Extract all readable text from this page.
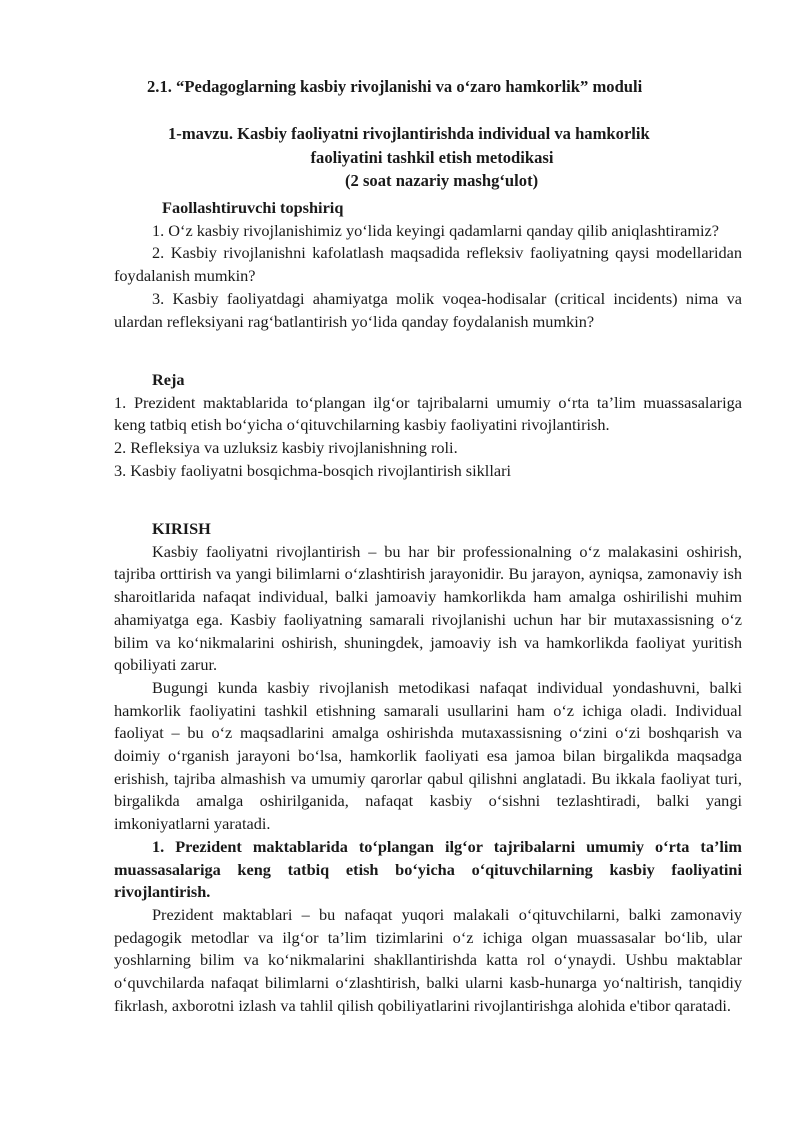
2.1. “Pedagoglarning kasbiy rivojlanishi va o‘zaro hamkorlik” moduli
1-mavzu. Kasbiy faoliyatni rivojlantirishda individual va hamkorlik
faoliyatini tashkil etish metodikasi
(2 soat nazariy mashg‘ulot)

Faollashtiruvchi topshiriq

1. O‘z kasbiy rivojlanishimiz yo‘lida keyingi qadamlarni qanday qilib aniqlashtiramiz?

2. Kasbiy rivojlanishni kafolatlash maqsadida refleksiv faoliyatning qaysi modellaridan foydalanish mumkin?

3. Kasbiy faoliyatdagi ahamiyatga molik voqea-hodisalar (critical incidents) nima va ulardan refleksiyani rag‘batlantirish yo‘lida qanday foydalanish mumkin?

Reja

1. Prezident maktablarida to‘plangan ilg‘or tajribalarni umumiy o‘rta ta’lim muassasalariga keng tatbiq etish bo‘yicha o‘qituvchilarning kasbiy faoliyatini rivojlantirish.

2. Refleksiya va uzluksiz kasbiy rivojlanishning roli.

3. Kasbiy faoliyatni bosqichma-bosqich rivojlantirish sikllari

KIRISH

Kasbiy faoliyatni rivojlantirish – bu har bir professionalning o‘z malakasini oshirish, tajriba orttirish va yangi bilimlarni o‘zlashtirish jarayonidir. Bu jarayon, ayniqsa, zamonaviy ish sharoitlarida nafaqat individual, balki jamoaviy hamkorlikda ham amalga oshirilishi muhim ahamiyatga ega. Kasbiy faoliyatning samarali rivojlanishi uchun har bir mutaxassisning o‘z bilim va ko‘nikmalarini oshirish, shuningdek, jamoaviy ish va hamkorlikda faoliyat yuritish qobiliyati zarur.

Bugungi kunda kasbiy rivojlanish metodikasi nafaqat individual yondashuvni, balki hamkorlik faoliyatini tashkil etishning samarali usullarini ham o‘z ichiga oladi. Individual faoliyat – bu o‘z maqsadlarini amalga oshirishda mutaxassisning o‘zini o‘zi boshqarish va doimiy o‘rganish jarayoni bo‘lsa, hamkorlik faoliyati esa jamoa bilan birgalikda maqsadga erishish, tajriba almashish va umumiy qarorlar qabul qilishni anglatadi. Bu ikkala faoliyat turi, birgalikda amalga oshirilganida, nafaqat kasbiy o‘sishni tezlashtiradi, balki yangi imkoniyatlarni yaratadi.

1. Prezident maktablarida to‘plangan ilg‘or tajribalarni umumiy o‘rta ta’lim muassasalariga keng tatbiq etish bo‘yicha o‘qituvchilarning kasbiy faoliyatini rivojlantirish.

Prezident maktablari – bu nafaqat yuqori malakali o‘qituvchilarni, balki zamonaviy pedagogik metodlar va ilg‘or ta’lim tizimlarini o‘z ichiga olgan muassasalar bo‘lib, ular yoshlarning bilim va ko‘nikmalarini shakllantirishda katta rol o‘ynaydi. Ushbu maktablar o‘quvchilarda nafaqat bilimlarni o‘zlashtirish, balki ularni kasb-hunarga yo‘naltirish, tanqidiy fikrlash, axborotni izlash va tahlil qilish qobiliyatlarini rivojlantirishga alohida e'tibor qaratadi.
